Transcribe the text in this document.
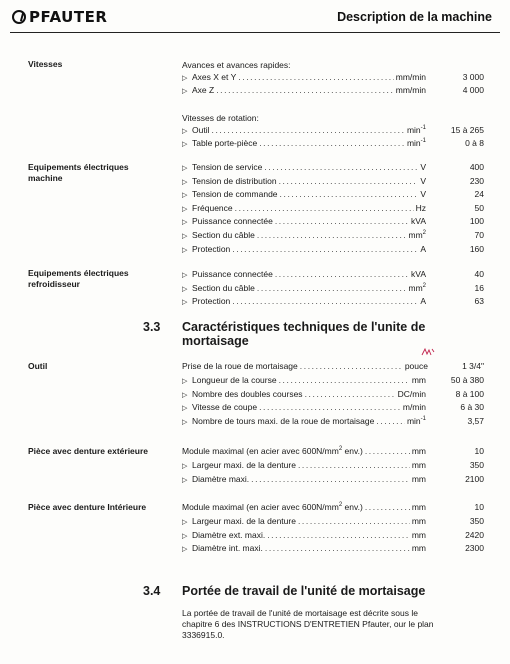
PFAUTER	Description de la machine
Vitesses	Avances et avances rapides:
▷ Axes X et Y .....	mm/min	3 000
▷ Axe Z .....	mm/min	4 000
Vitesses de rotation:
▷ Outil .....	$\min^{-1}$	15 à 265
▷ Table porte-pièce .....	$\min^{-1}$	0 à 8
Equipements électriques
machine
▷ Tension de service .....	V	400
▷ Tension de distribution .....	V	230
▷ Tension de commande .....	V	24
▷ Fréquence .....	Hz	50
▷ Puissance connectée .....	kVA	100
▷ Section du câble .....	$mm^2$	70
▷ Protection .....	A	160
Equipements électriques
refroidisseur
▷ Puissance connectée .....	kVA	40
▷ Section du câble .....	$mm^2$	16
▷ Protection .....	A	63
3.3 Caractéristiques techniques de l'unite de
mortaisage
Outil	Prise de la roue de mortaisage .....	pouce	1 3/4"
▷ Longueur de la course .....	mm	50 à 380
▷ Nombre des doubles courses .....	DC/min	8 à 100
▷ Vitesse de coupe .....	m/min	6 à 30
▷ Nombre de tours maxi. de la roue de mortaisage .....	$\min^{-1}$	3,57
Pièce avec denture extérieure	Module maximal (en acier avec $600N/mm^2$ env.) .....	mm	10
▷ Largeur maxi. de la denture .....	mm	350
▷ Diamètre maxi. .....	mm	2100
Pièce avec denture Intérieure	Module maximal (en acier avec $600N/mm^2$ env.) .....	mm	10
▷ Largeur maxi. de la denture .....	mm	350
▷ Diamètre ext. maxi. .....	mm	2420
▷ Diamètre int. maxi. .....	mm	2300
3.4 Portée de travail de l'unité de mortaisage
La portée de travail de l'unité de mortaisage est décrite sous le
chapitre 6 des INSTRUCTIONS D'ENTRETIEN Pfauter, our le plan
3336915.0.
